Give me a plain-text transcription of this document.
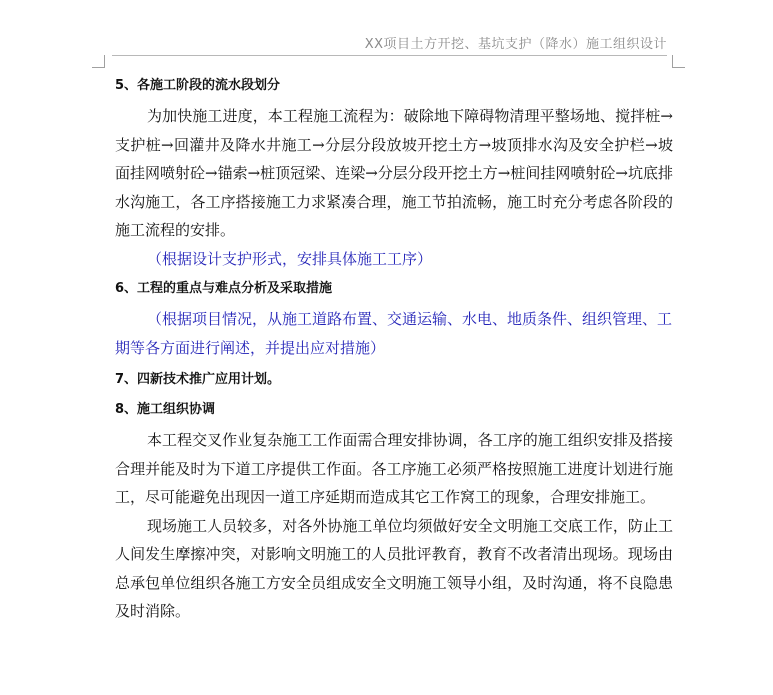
XX项目土方开挖、基坑支护（降水）施工组织设计
5、各施工阶段的流水段划分

为加快施工进度，本工程施工流程为：破除地下障碍物清理平整场地、搅拌桩→支护桩→回灌井及降水井施工→分层分段放坡开挖土方→坡顶排水沟及安全护栏→坡面挂网喷射砼→锚索→桩顶冠梁、连梁→分层分段开挖土方→桩间挂网喷射砼→坑底排水沟施工，各工序搭接施工力求紧凑合理，施工节拍流畅，施工时充分考虑各阶段的施工流程的安排。

（根据设计支护形式，安排具体施工工序）

6、工程的重点与难点分析及采取措施

（根据项目情况，从施工道路布置、交通运输、水电、地质条件、组织管理、工期等各方面进行阐述，并提出应对措施）

7、四新技术推广应用计划。
8、施工组织协调

本工程交叉作业复杂施工工作面需合理安排协调，各工序的施工组织安排及搭接合理并能及时为下道工序提供工作面。各工序施工必须严格按照施工进度计划进行施工，尽可能避免出现因一道工序延期而造成其它工作窝工的现象，合理安排施工。

现场施工人员较多，对各外协施工单位均须做好安全文明施工交底工作，防止工人间发生摩擦冲突，对影响文明施工的人员批评教育，教育不改者清出现场。现场由总承包单位组织各施工方安全员组成安全文明施工领导小组，及时沟通，将不良隐患及时消除。
